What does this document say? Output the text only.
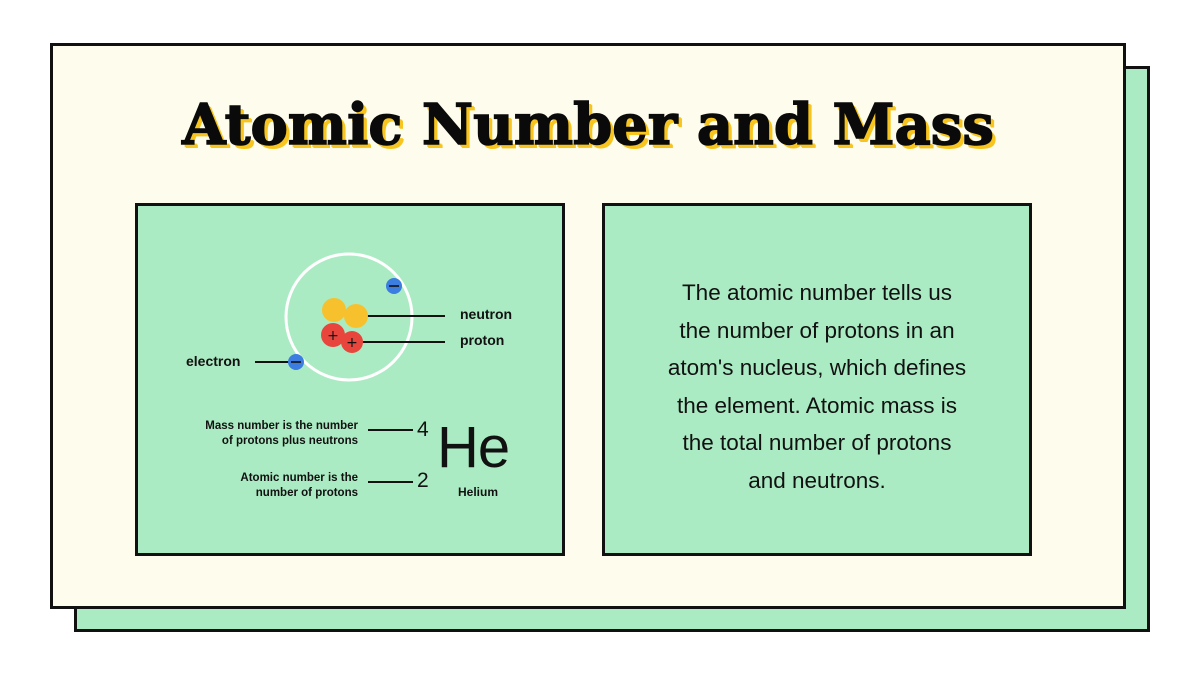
Atomic Number and Mass
+ +
neutron
proton
electron
Mass number is the number
of protons plus neutrons
Atomic number is the
number of protons
4
2
He
Helium
The atomic number tells us
the number of protons in an
atom's nucleus, which defines
the element. Atomic mass is
the total number of protons
and neutrons.
